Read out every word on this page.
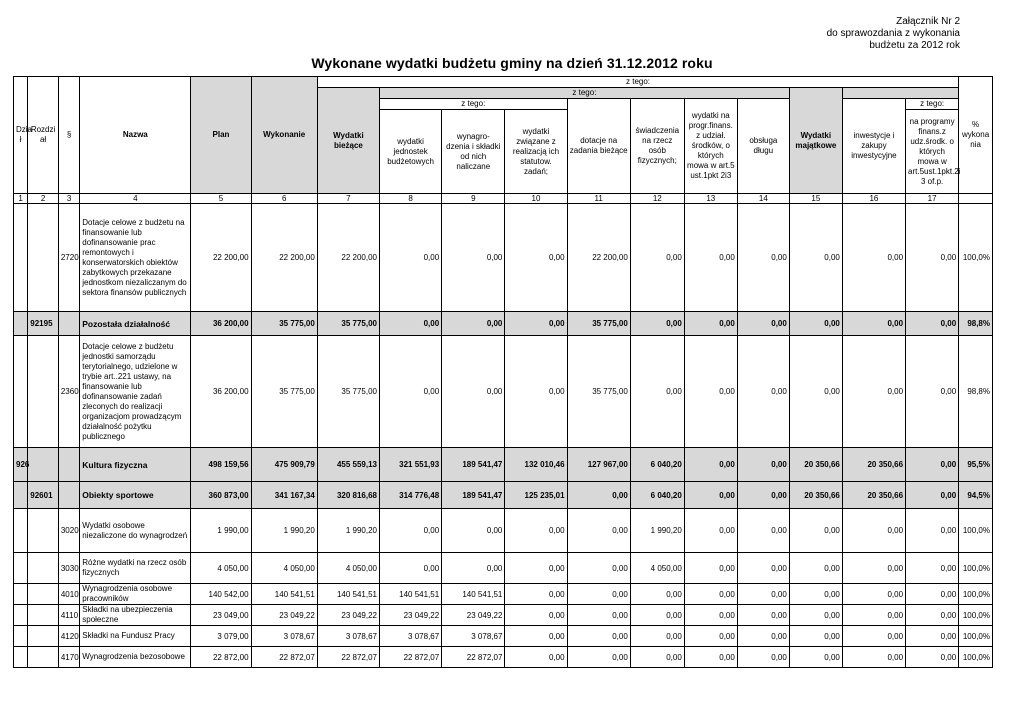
Załącznik Nr 2
do sprawozdania z wykonania
budżetu za 2012 rok
Wykonane wydatki budżetu gminy na dzień 31.12.2012 roku
Dzia ł	Rozdzi ał	§	Nazwa	Plan	Wykonanie	z tego:											% wykona nia
						Wydatki bieżące	z tego:							Wydatki majątkowe			
							z tego:			dotacje na zadania bieżące	świadczenia na rzecz osób fizycznych;	wydatki na progr.finans. z udział. środków, o których mowa w art.5 ust.1pkt 2i3	obsługa długu		inwestycje i zakupy inwestycyjne	z tego:	
							wydatki jednostek budżetowych	wynagro- dzenia i składki od nich naliczane	wydatki związane z realizacją ich statutow. zadań;							na programy finans.z udz.środk. o których mowa w art.5ust.1pkt.2i 3 of.p.	
1	2	3	4	5	6	7	8	9	10	11	12	13	14	15	16	17	
		2720	Dotacje celowe z budżetu na finansowanie lub dofinansowanie prac remontowych i konserwatorskich obiektów zabytkowych przekazane jednostkom niezaliczanym do sektora finansów publicznych	22 200,00	22 200,00	22 200,00	0,00	0,00	0,00	22 200,00	0,00	0,00	0,00	0,00	0,00	0,00	100,0%
	92195		Pozostała działalność	36 200,00	35 775,00	35 775,00	0,00	0,00	0,00	35 775,00	0,00	0,00	0,00	0,00	0,00	0,00	98,8%
		2360	Dotacje celowe z budżetu jednostki samorządu terytorialnego, udzielone w trybie art..221 ustawy, na finansowanie lub dofinansowanie zadań zleconych do realizacji organizacjom prowadzącym działalność pożytku publicznego	36 200,00	35 775,00	35 775,00	0,00	0,00	0,00	35 775,00	0,00	0,00	0,00	0,00	0,00	0,00	98,8%
926			Kultura fizyczna	498 159,56	475 909,79	455 559,13	321 551,93	189 541,47	132 010,46	127 967,00	6 040,20	0,00	0,00	20 350,66	20 350,66	0,00	95,5%
	92601		Obiekty sportowe	360 873,00	341 167,34	320 816,68	314 776,48	189 541,47	125 235,01	0,00	6 040,20	0,00	0,00	20 350,66	20 350,66	0,00	94,5%
		3020	Wydatki osobowe niezaliczone do wynagrodzeń	1 990,00	1 990,20	1 990,20	0,00	0,00	0,00	0,00	1 990,20	0,00	0,00	0,00	0,00	0,00	100,0%
		3030	Różne wydatki na rzecz osób fizycznych	4 050,00	4 050,00	4 050,00	0,00	0,00	0,00	0,00	4 050,00	0,00	0,00	0,00	0,00	0,00	100,0%
		4010	Wynagrodzenia osobowe pracowników	140 542,00	140 541,51	140 541,51	140 541,51	140 541,51	0,00	0,00	0,00	0,00	0,00	0,00	0,00	0,00	100,0%
		4110	Składki na ubezpieczenia społeczne	23 049,00	23 049,22	23 049,22	23 049,22	23 049,22	0,00	0,00	0,00	0,00	0,00	0,00	0,00	0,00	100,0%
		4120	Składki na Fundusz Pracy	3 079,00	3 078,67	3 078,67	3 078,67	3 078,67	0,00	0,00	0,00	0,00	0,00	0,00	0,00	0,00	100,0%
		4170	Wynagrodzenia bezosobowe	22 872,00	22 872,07	22 872,07	22 872,07	22 872,07	0,00	0,00	0,00	0,00	0,00	0,00	0,00	0,00	100,0%
